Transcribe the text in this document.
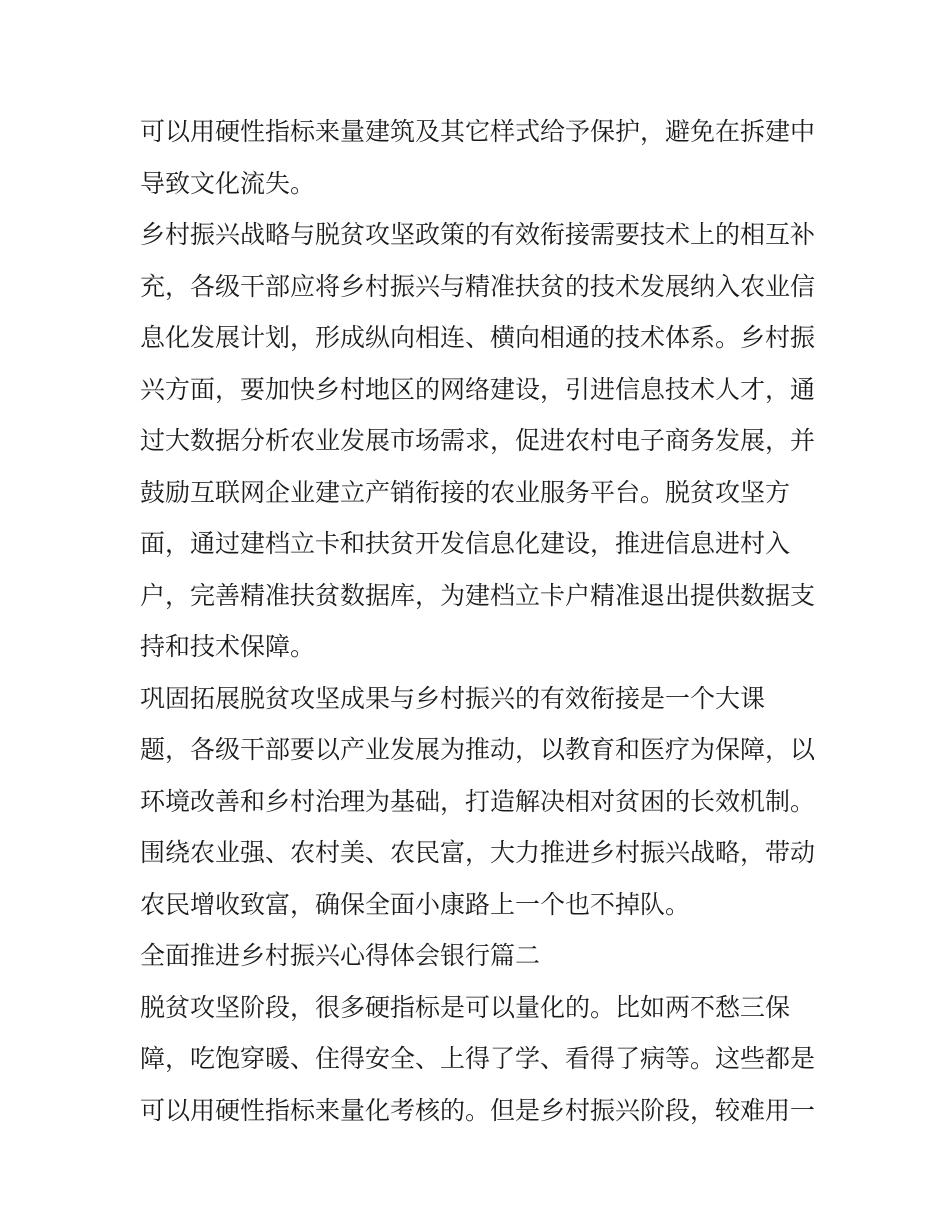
可以用硬性指标来量建筑及其它样式给予保护，避免在拆建中
导致文化流失。
乡村振兴战略与脱贫攻坚政策的有效衔接需要技术上的相互补
充，各级干部应将乡村振兴与精准扶贫的技术发展纳入农业信
息化发展计划，形成纵向相连、横向相通的技术体系。乡村振
兴方面，要加快乡村地区的网络建设，引进信息技术人才，通
过大数据分析农业发展市场需求，促进农村电子商务发展，并
鼓励互联网企业建立产销衔接的农业服务平台。脱贫攻坚方
面，通过建档立卡和扶贫开发信息化建设，推进信息进村入
户，完善精准扶贫数据库，为建档立卡户精准退出提供数据支
持和技术保障。
巩固拓展脱贫攻坚成果与乡村振兴的有效衔接是一个大课
题，各级干部要以产业发展为推动，以教育和医疗为保障，以
环境改善和乡村治理为基础，打造解决相对贫困的长效机制。
围绕农业强、农村美、农民富，大力推进乡村振兴战略，带动
农民增收致富，确保全面小康路上一个也不掉队。
全面推进乡村振兴心得体会银行篇二
脱贫攻坚阶段，很多硬指标是可以量化的。比如两不愁三保
障，吃饱穿暖、住得安全、上得了学、看得了病等。这些都是
可以用硬性指标来量化考核的。但是乡村振兴阶段，较难用一
